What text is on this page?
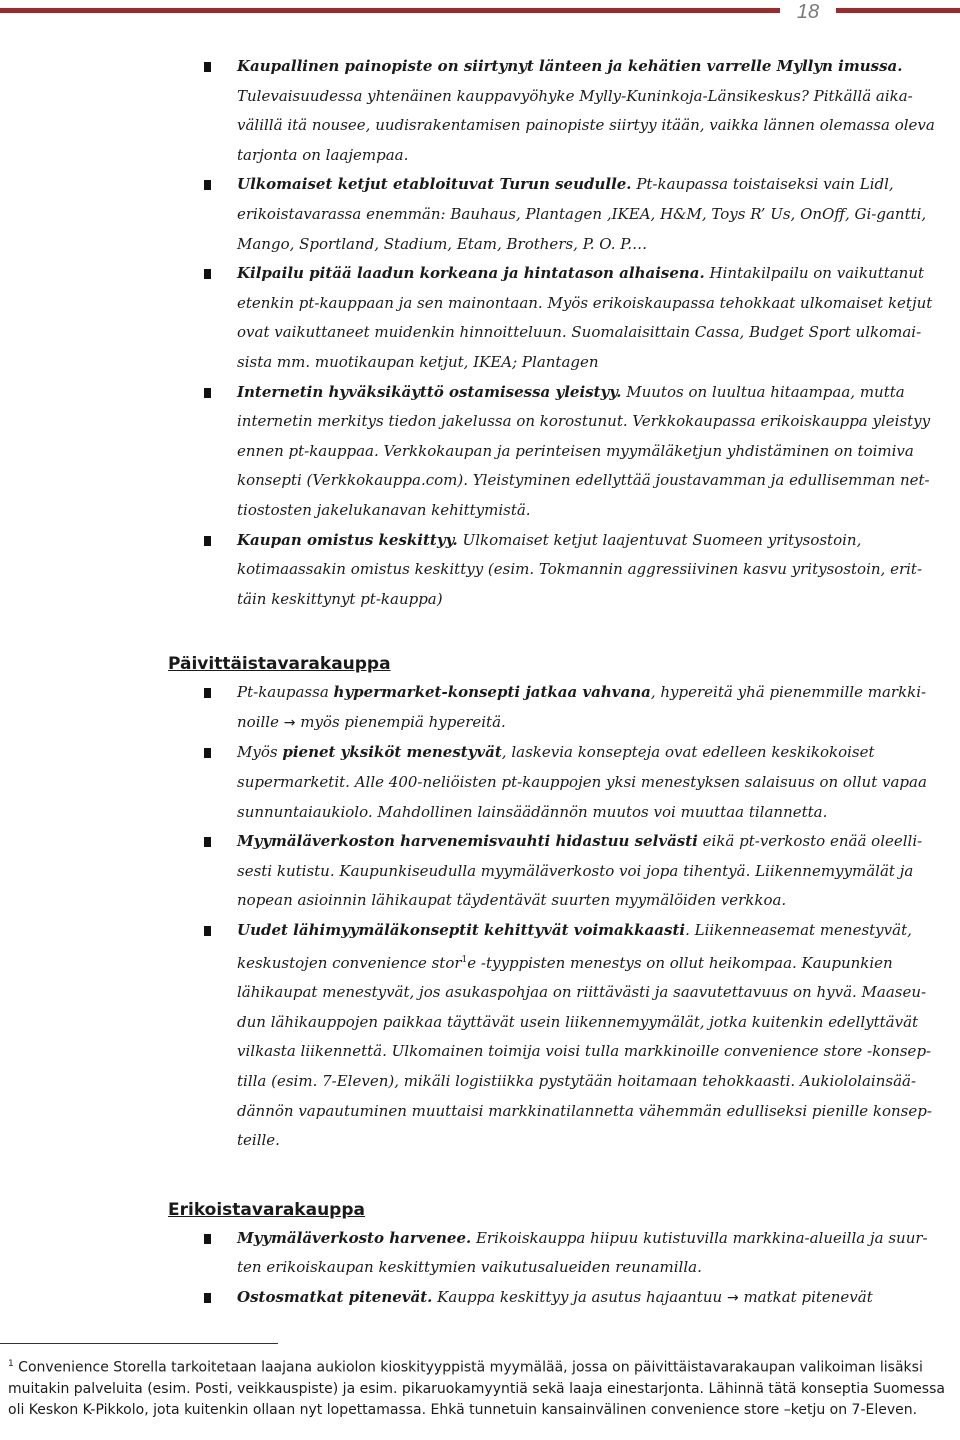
18
Kaupallinen painopiste on siirtynyt länteen ja kehätien varrelle Myllyn imussa. Tulevaisuudessa yhtenäinen kauppavyöhyke Mylly-Kuninkoja-Länsikeskus? Pitkällä aika-välillä itä nousee, uudisrakentamisen painopiste siirtyy itään, vaikka lännen olemassa oleva tarjonta on laajempaa.
Ulkomaiset ketjut etabloituvat Turun seudulle. Pt-kaupassa toistaiseksi vain Lidl, erikoistavarassa enemmän: Bauhaus, Plantagen ,IKEA, H&M, Toys R’ Us, OnOff, Gi-gantti, Mango, Sportland, Stadium, Etam, Brothers, P. O. P.…
Kilpailu pitää laadun korkeana ja hintatason alhaisena. Hintakilpailu on vaikuttanut etenkin pt-kauppaan ja sen mainontaan. Myös erikoiskaupassa tehokkaat ulkomaiset ketjut ovat vaikuttaneet muidenkin hinnoitteluun. Suomalaisittain Cassa, Budget Sport ulkomai-sista mm. muotikaupan ketjut, IKEA; Plantagen
Internetin hyväksikäyttö ostamisessa yleistyy. Muutos on luultua hitaampaa, mutta internetin merkitys tiedon jakelussa on korostunut. Verkkokaupassa erikoiskauppa yleistyy ennen pt-kauppaa. Verkkokaupan ja perinteisen myymäläketjun yhdistäminen on toimiva konsepti (Verkkokauppa.com). Yleistyminen edellyttää joustavamman ja edullisemman net-tiostosten jakelukanavan kehittymistä.
Kaupan omistus keskittyy. Ulkomaiset ketjut laajentuvat Suomeen yritysostoin, kotimaassakin omistus keskittyy (esim. Tokmannin aggressiivinen kasvu yritysostoin, erit-täin keskittynyt pt-kauppa)
Päivittäistavarakauppa
Pt-kaupassa hypermarket-konsepti jatkaa vahvana, hypereitä yhä pienemmille markki-noille → myös pienempiä hypereitä.
Myös pienet yksiköt menestyvät, laskevia konsepteja ovat edelleen keskikokoiset supermarketit. Alle 400-neliöisten pt-kauppojen yksi menestyksen salaisuus on ollut vapaa sunnuntaiaukiolo. Mahdollinen lainsäädännön muutos voi muuttaa tilannetta.
Myymäläverkoston harvenemisvauhti hidastuu selvästi eikä pt-verkosto enää oleelli-sesti kutistu. Kaupunkiseudulla myymäläverkosto voi jopa tihentyä. Liikennemyymälät ja nopean asioinnin lähikaupat täydentävät suurten myymälöiden verkkoa.
Uudet lähimyymäläkonseptit kehittyvät voimakkaasti. Liikenneasemat menestyvät, keskustojen convenience stor$^1$e -tyyppisten menestys on ollut heikompaa. Kaupunkien lähikaupat menestyvät, jos asukaspohjaa on riittävästi ja saavutettavuus on hyvä. Maaseu-dun lähikauppojen paikkaa täyttävät usein liikennemyymälät, jotka kuitenkin edellyttävät vilkasta liikennettä. Ulkomainen toimija voisi tulla markkinoille convenience store -konsep-tilla (esim. 7-Eleven), mikäli logistiikka pystytään hoitamaan tehokkaasti. Aukiololainsää-dännön vapautuminen muuttaisi markkinatilannetta vähemmän edulliseksi pienille konsep-teille.
Erikoistavarakauppa
Myymäläverkosto harvenee. Erikoiskauppa hiipuu kutistuvilla markkina-alueilla ja suur-ten erikoiskaupan keskittymien vaikutusalueiden reunamilla.
Ostosmatkat pitenevät. Kauppa keskittyy ja asutus hajaantuu → matkat pitenevät
$^1$ Convenience Storella tarkoitetaan laajana aukiolon kioskityyppistä myymälää, jossa on päivittäistavarakaupan valikoiman lisäksi muitakin palveluita (esim. Posti, veikkauspiste) ja esim. pikaruokamyyntiä sekä laaja einestarjonta. Lähinnä tätä konseptia Suomessa oli Keskon K-Pikkolo, jota kuitenkin ollaan nyt lopettamassa. Ehkä tunnetuin kansainvälinen convenience store –ketju on 7-Eleven.
